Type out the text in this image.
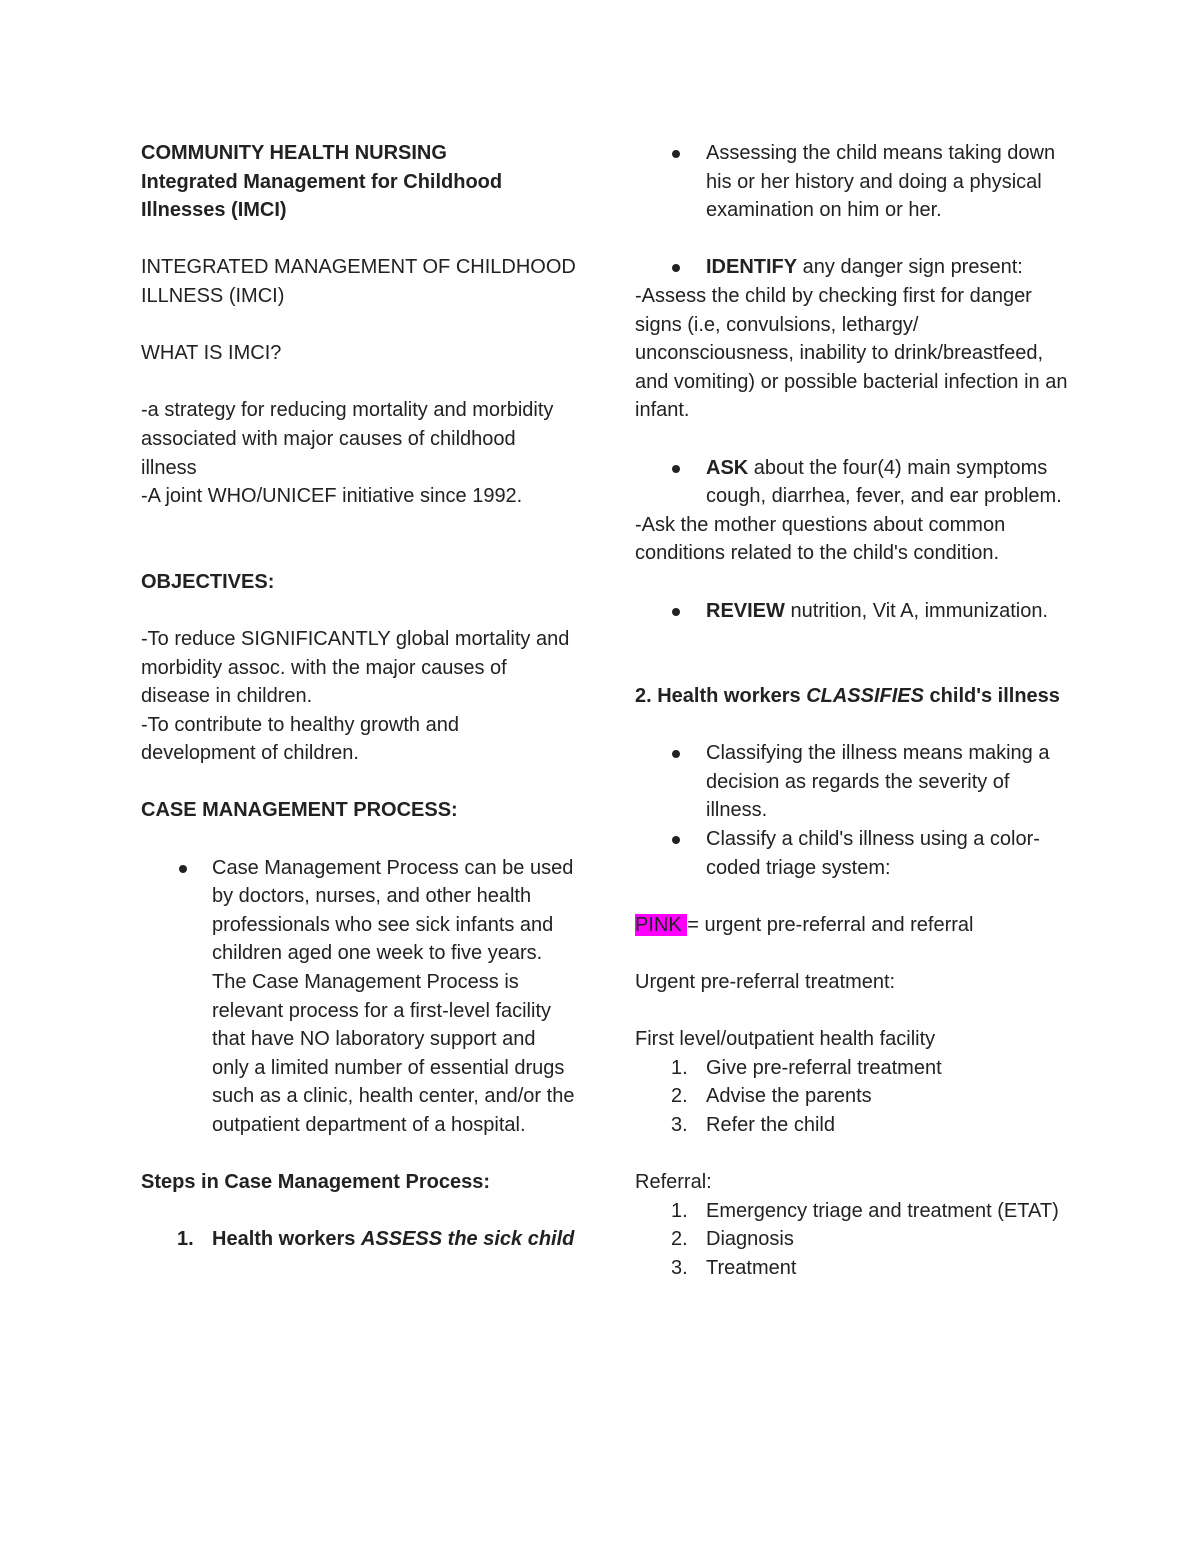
COMMUNITY HEALTH NURSING

Integrated Management for Childhood Illnesses (IMCI)

INTEGRATED MANAGEMENT OF CHILDHOOD ILLNESS (IMCI)

WHAT IS IMCI?

-a strategy for reducing mortality and morbidity associated with major causes of childhood illness

-A joint WHO/UNICEF initiative since 1992.

OBJECTIVES:

-To reduce SIGNIFICANTLY global mortality and morbidity assoc. with the major causes of disease in children.

-To contribute to healthy growth and development of children.

CASE MANAGEMENT PROCESS:

Case Management Process can be used by doctors, nurses, and other health professionals who see sick infants and children aged one week to five years. The Case Management Process is relevant process for a first-level facility that have NO laboratory support and only a limited number of essential drugs such as a clinic, health center, and/or the outpatient department of a hospital.

Steps in Case Management Process:

1. Health workers ASSESS the sick child
Assessing the child means taking down his or her history and doing a physical examination on him or her.
IDENTIFY any danger sign present:

-Assess the child by checking first for danger signs (i.e, convulsions, lethargy/ unconsciousness, inability to drink/breastfeed, and vomiting) or possible bacterial infection in an infant.

ASK about the four(4) main symptoms cough, diarrhea, fever, and ear problem.

-Ask the mother questions about common conditions related to the child's condition.

REVIEW nutrition, Vit A, immunization.

2. Health workers CLASSIFIES child's illness

Classifying the illness means making a decision as regards the severity of illness.
Classify a child's illness using a color-coded triage system:

PINK = urgent pre-referral and referral

Urgent pre-referral treatment:

First level/outpatient health facility

1. Give pre-referral treatment
2. Advise the parents
3. Refer the child

Referral:

1. Emergency triage and treatment (ETAT)
2. Diagnosis
3. Treatment
